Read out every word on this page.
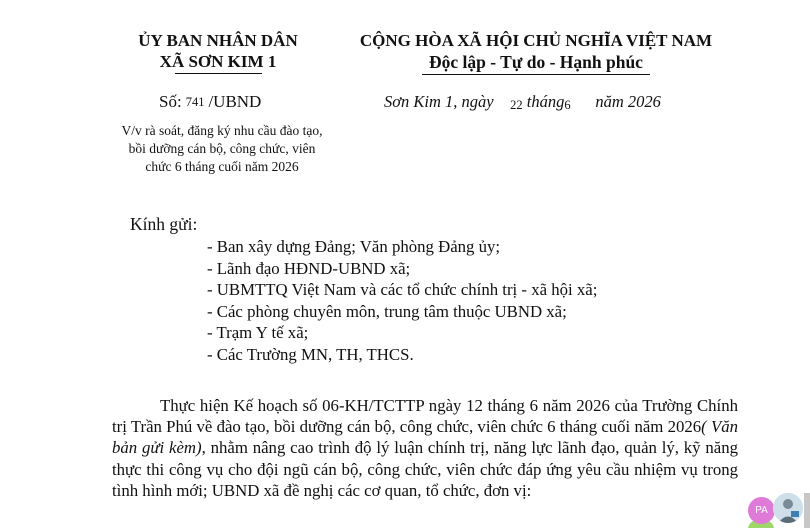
ỦY BAN NHÂN DÂN
XÃ SƠN KIM 1
CỘNG HÒA XÃ HỘI CHỦ NGHĨA VIỆT NAM
Độc lập - Tự do - Hạnh phúc
Số: 741 /UBND	Sơn Kim 1, ngày 22 tháng6 năm 2026
V/v rà soát, đăng ký nhu cầu đào tạo, bồi dưỡng cán bộ, công chức, viên chức 6 tháng cuối năm 2026
Kính gửi:
- Ban xây dựng Đảng; Văn phòng Đảng ủy;
- Lãnh đạo HĐND-UBND xã;
- UBMTTQ Việt Nam và các tổ chức chính trị - xã hội xã;
- Các phòng chuyên môn, trung tâm thuộc UBND xã;
- Trạm Y tế xã;
- Các Trường MN, TH, THCS.

Thực hiện Kế hoạch số 06-KH/TCTTP ngày 12 tháng 6 năm 2026 của Trường Chính trị Trần Phú về đào tạo, bồi dưỡng cán bộ, công chức, viên chức 6 tháng cuối năm 2026( Văn bản gửi kèm), nhằm nâng cao trình độ lý luận chính trị, năng lực lãnh đạo, quản lý, kỹ năng thực thi công vụ cho đội ngũ cán bộ, công chức, viên chức đáp ứng yêu cầu nhiệm vụ trong tình hình mới; UBND xã đề nghị các cơ quan, tổ chức, đơn vị:

PA
